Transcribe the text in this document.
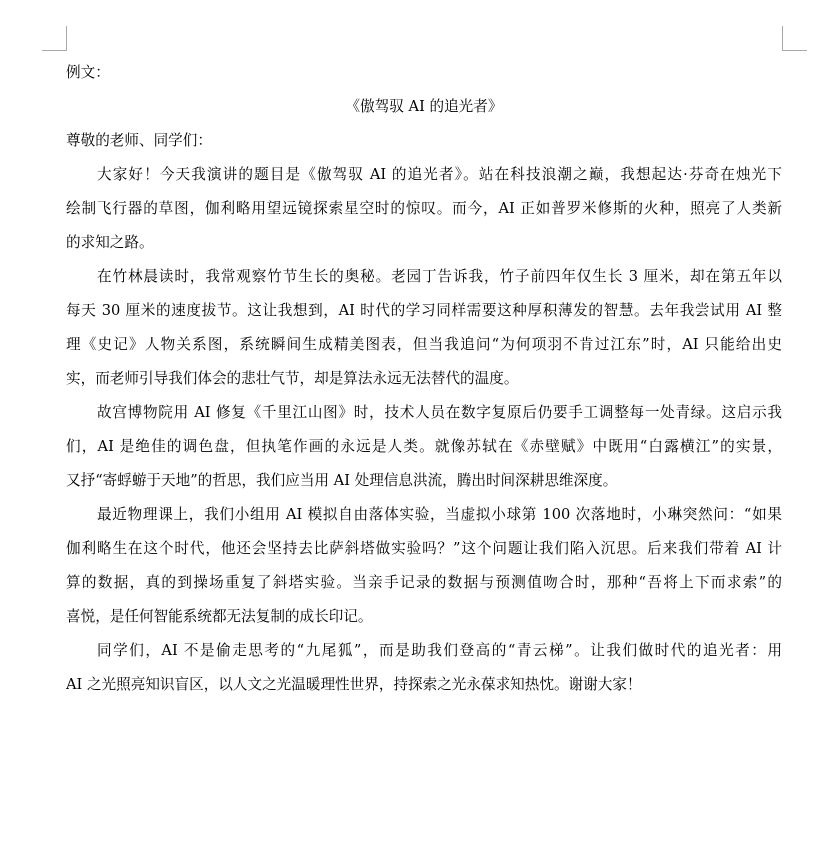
例文：
《傲驾驭 AI 的追光者》
尊敬的老师、同学们：
大家好！今天我演讲的题目是《傲驾驭 AI 的追光者》。站在科技浪潮之巅，我想起达·芬奇在烛光下
绘制飞行器的草图，伽利略用望远镜探索星空时的惊叹。而今，AI 正如普罗米修斯的火种，照亮了人类新
的求知之路。
在竹林晨读时，我常观察竹节生长的奥秘。老园丁告诉我，竹子前四年仅生长 3 厘米，却在第五年以
每天 30 厘米的速度拔节。这让我想到，AI 时代的学习同样需要这种厚积薄发的智慧。去年我尝试用 AI 整
理《史记》人物关系图，系统瞬间生成精美图表，但当我追问“为何项羽不肯过江东”时，AI 只能给出史
实，而老师引导我们体会的悲壮气节，却是算法永远无法替代的温度。
故宫博物院用 AI 修复《千里江山图》时，技术人员在数字复原后仍要手工调整每一处青绿。这启示我
们，AI 是绝佳的调色盘，但执笔作画的永远是人类。就像苏轼在《赤壁赋》中既用“白露横江”的实景，
又抒“寄蜉蝣于天地”的哲思，我们应当用 AI 处理信息洪流，腾出时间深耕思维深度。
最近物理课上，我们小组用 AI 模拟自由落体实验，当虚拟小球第 100 次落地时，小琳突然问：“如果
伽利略生在这个时代，他还会坚持去比萨斜塔做实验吗？”这个问题让我们陷入沉思。后来我们带着 AI 计
算的数据，真的到操场重复了斜塔实验。当亲手记录的数据与预测值吻合时，那种“吾将上下而求索”的
喜悦，是任何智能系统都无法复制的成长印记。
同学们，AI 不是偷走思考的“九尾狐”，而是助我们登高的“青云梯”。让我们做时代的追光者：用
AI 之光照亮知识盲区，以人文之光温暖理性世界，持探索之光永葆求知热忱。谢谢大家！
